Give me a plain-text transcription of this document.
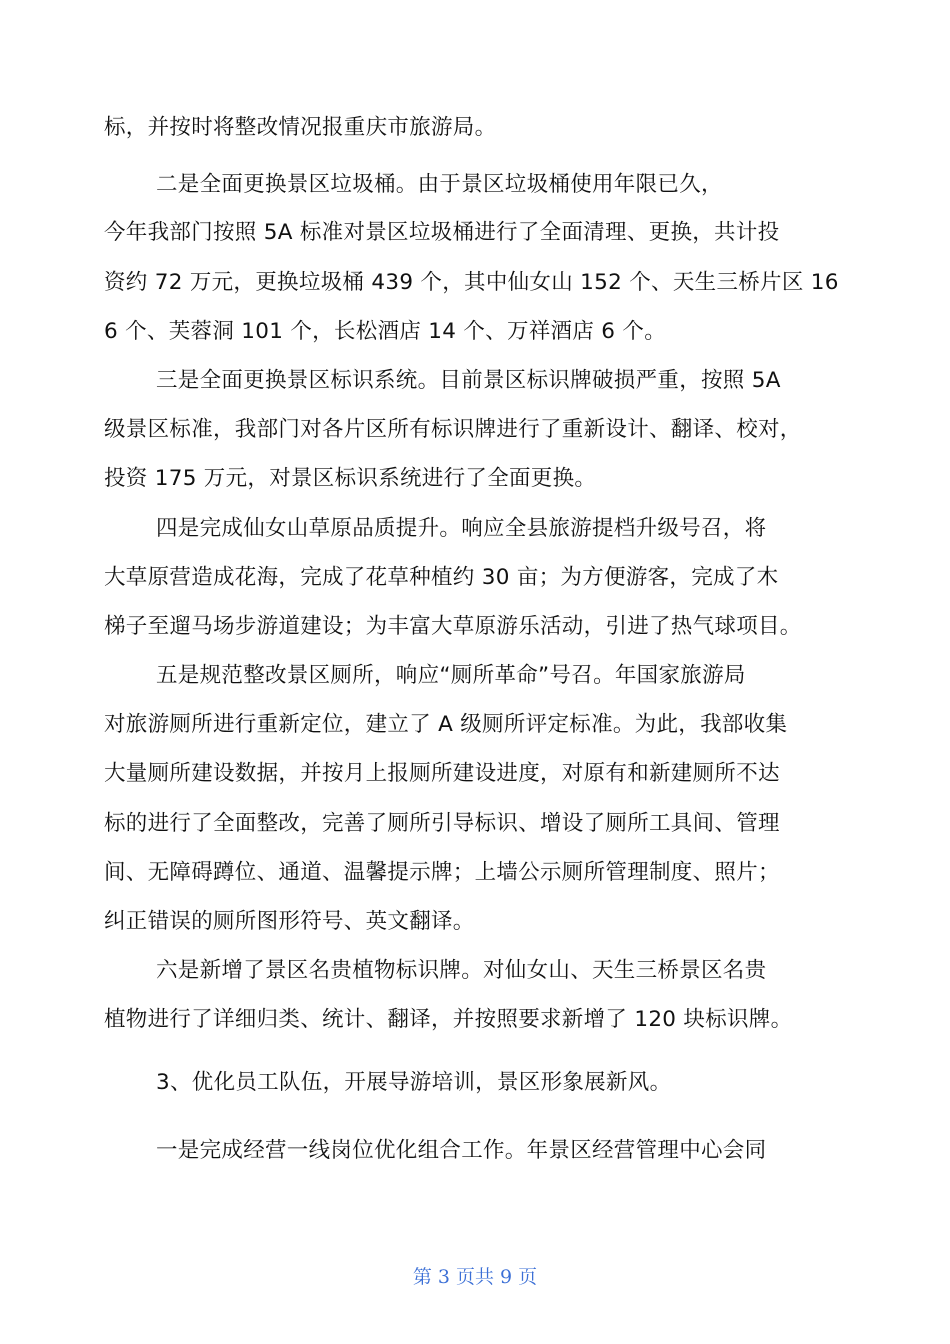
标，并按时将整改情况报重庆市旅游局。
二是全面更换景区垃圾桶。由于景区垃圾桶使用年限已久，
今年我部门按照 5A 标准对景区垃圾桶进行了全面清理、更换，共计投
资约 72 万元，更换垃圾桶 439 个，其中仙女山 152 个、天生三桥片区 16
6 个、芙蓉洞 101 个，长松酒店 14 个、万祥酒店 6 个。
三是全面更换景区标识系统。目前景区标识牌破损严重，按照 5A
级景区标准，我部门对各片区所有标识牌进行了重新设计、翻译、校对，
投资 175 万元，对景区标识系统进行了全面更换。
四是完成仙女山草原品质提升。响应全县旅游提档升级号召，将
大草原营造成花海，完成了花草种植约 30 亩；为方便游客，完成了木
梯子至遛马场步游道建设；为丰富大草原游乐活动，引进了热气球项目。
五是规范整改景区厕所，响应“厕所革命”号召。年国家旅游局
对旅游厕所进行重新定位，建立了 A 级厕所评定标准。为此，我部收集
大量厕所建设数据，并按月上报厕所建设进度，对原有和新建厕所不达
标的进行了全面整改，完善了厕所引导标识、增设了厕所工具间、管理
间、无障碍蹲位、通道、温馨提示牌；上墙公示厕所管理制度、照片；
纠正错误的厕所图形符号、英文翻译。
六是新增了景区名贵植物标识牌。对仙女山、天生三桥景区名贵
植物进行了详细归类、统计、翻译，并按照要求新增了 120 块标识牌。
3、优化员工队伍，开展导游培训，景区形象展新风。
一是完成经营一线岗位优化组合工作。年景区经营管理中心会同
第 3 页共 9 页
